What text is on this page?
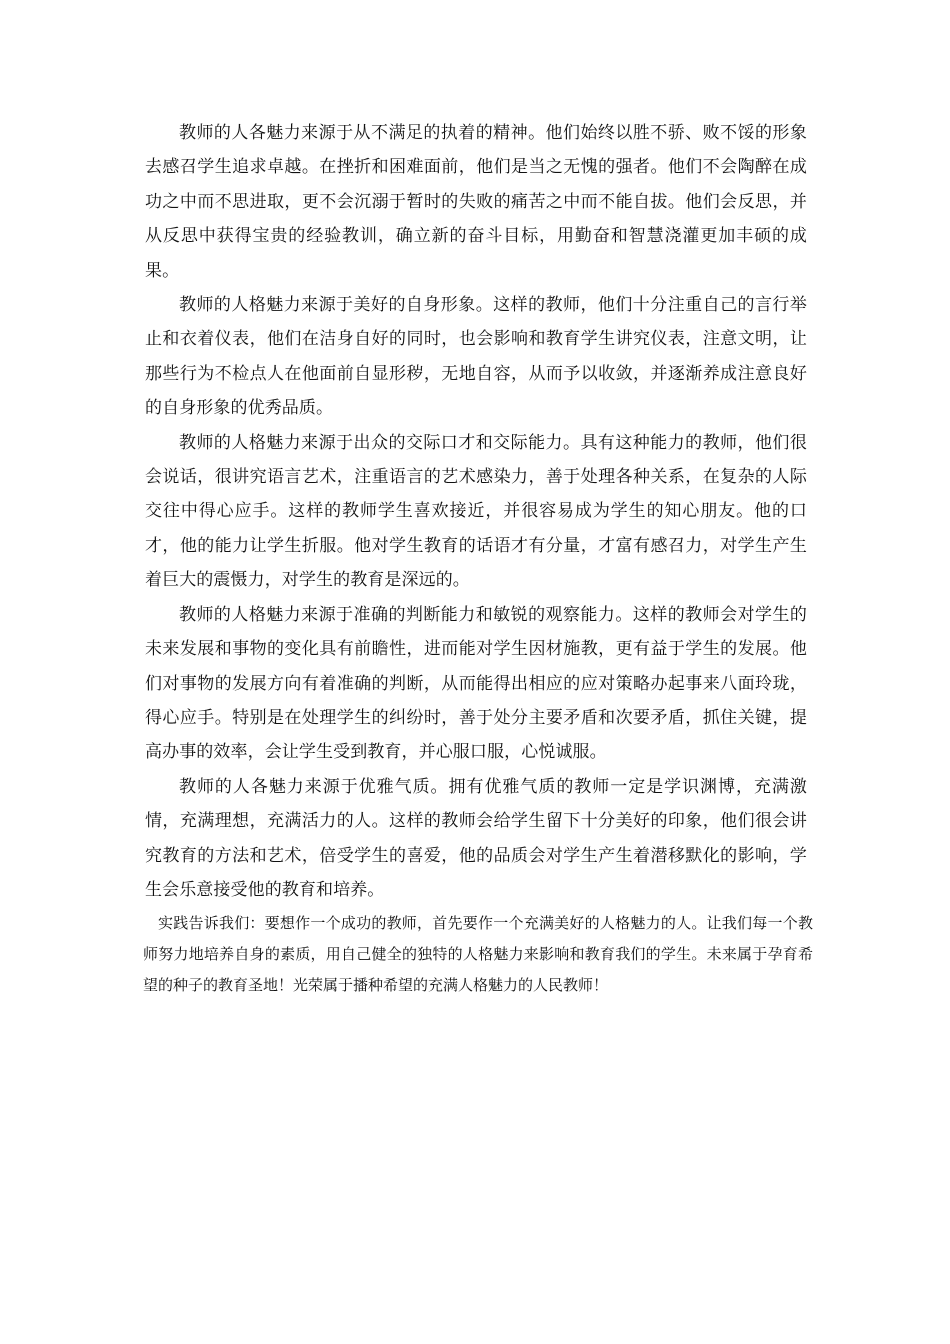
教师的人各魅力来源于从不满足的执着的精神。他们始终以胜不骄、败不馁的形象去感召学生追求卓越。在挫折和困难面前，他们是当之无愧的强者。他们不会陶醉在成功之中而不思进取，更不会沉溺于暂时的失败的痛苦之中而不能自拔。他们会反思，并从反思中获得宝贵的经验教训，确立新的奋斗目标，用勤奋和智慧浇灌更加丰硕的成果。

教师的人格魅力来源于美好的自身形象。这样的教师，他们十分注重自己的言行举止和衣着仪表，他们在洁身自好的同时，也会影响和教育学生讲究仪表，注意文明，让那些行为不检点人在他面前自显形秽，无地自容，从而予以收敛，并逐渐养成注意良好的自身形象的优秀品质。

教师的人格魅力来源于出众的交际口才和交际能力。具有这种能力的教师，他们很会说话，很讲究语言艺术，注重语言的艺术感染力，善于处理各种关系，在复杂的人际交往中得心应手。这样的教师学生喜欢接近，并很容易成为学生的知心朋友。他的口才，他的能力让学生折服。他对学生教育的话语才有分量，才富有感召力，对学生产生着巨大的震慑力，对学生的教育是深远的。

教师的人格魅力来源于准确的判断能力和敏锐的观察能力。这样的教师会对学生的未来发展和事物的变化具有前瞻性，进而能对学生因材施教，更有益于学生的发展。他们对事物的发展方向有着准确的判断，从而能得出相应的应对策略办起事来八面玲珑，得心应手。特别是在处理学生的纠纷时，善于处分主要矛盾和次要矛盾，抓住关键，提高办事的效率，会让学生受到教育，并心服口服，心悦诚服。

教师的人各魅力来源于优雅气质。拥有优雅气质的教师一定是学识渊博，充满激情，充满理想，充满活力的人。这样的教师会给学生留下十分美好的印象，他们很会讲究教育的方法和艺术，倍受学生的喜爱，他的品质会对学生产生着潜移默化的影响，学生会乐意接受他的教育和培养。

实践告诉我们：要想作一个成功的教师，首先要作一个充满美好的人格魅力的人。让我们每一个教师努力地培养自身的素质，用自己健全的独特的人格魅力来影响和教育我们的学生。未来属于孕育希望的种子的教育圣地！光荣属于播种希望的充满人格魅力的人民教师！
